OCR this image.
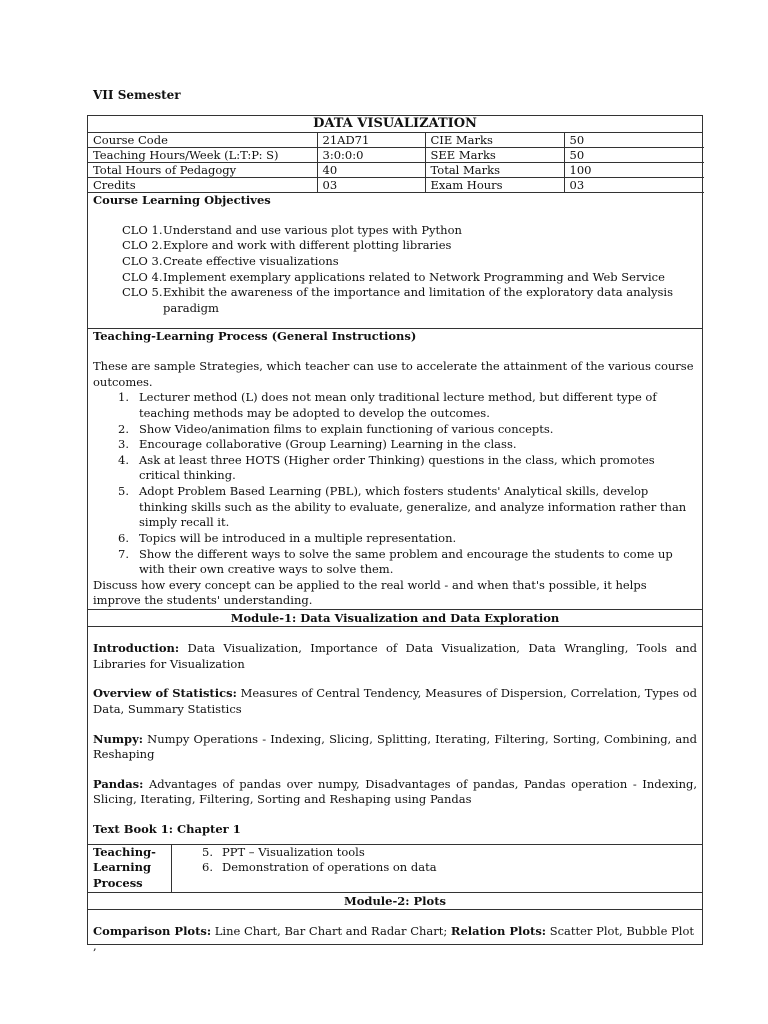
VII Semester
DATA VISUALIZATION
Course Code	21AD71	CIE Marks	50
Teaching Hours/Week (L:T:P: S)	3:0:0:0	SEE Marks	50
Total Hours of Pedagogy	40	Total Marks	100
Credits	03	Exam Hours	03
Course Learning Objectives
CLO 1. Understand and use various plot types with Python
CLO 2. Explore and work with different plotting libraries
CLO 3. Create effective visualizations
CLO 4. Implement exemplary applications related to Network Programming and Web Service
CLO 5. Exhibit the awareness of the importance and limitation of the exploratory data analysis paradigm
Teaching-Learning Process (General Instructions)
These are sample Strategies, which teacher can use to accelerate the attainment of the various course outcomes.
1. Lecturer method (L) does not mean only traditional lecture method, but different type of teaching methods may be adopted to develop the outcomes.
2. Show Video/animation films to explain functioning of various concepts.
3. Encourage collaborative (Group Learning) Learning in the class.
4. Ask at least three HOTS (Higher order Thinking) questions in the class, which promotes critical thinking.
5. Adopt Problem Based Learning (PBL), which fosters students' Analytical skills, develop thinking skills such as the ability to evaluate, generalize, and analyze information rather than simply recall it.
6. Topics will be introduced in a multiple representation.
7. Show the different ways to solve the same problem and encourage the students to come up with their own creative ways to solve them.
Discuss how every concept can be applied to the real world - and when that's possible, it helps improve the students' understanding.
Module-1: Data Visualization and Data Exploration
Introduction: Data Visualization, Importance of Data Visualization, Data Wrangling, Tools and Libraries for Visualization
Overview of Statistics: Measures of Central Tendency, Measures of Dispersion, Correlation, Types od Data, Summary Statistics
Numpy: Numpy Operations - Indexing, Slicing, Splitting, Iterating, Filtering, Sorting, Combining, and Reshaping
Pandas: Advantages of pandas over numpy, Disadvantages of pandas, Pandas operation - Indexing, Slicing, Iterating, Filtering, Sorting and Reshaping using Pandas
Text Book 1: Chapter 1
Teaching-Learning Process
5. PPT – Visualization tools
6. Demonstration of operations on data
Module-2: Plots
Comparison Plots: Line Chart, Bar Chart and Radar Chart; Relation Plots: Scatter Plot, Bubble Plot ,
